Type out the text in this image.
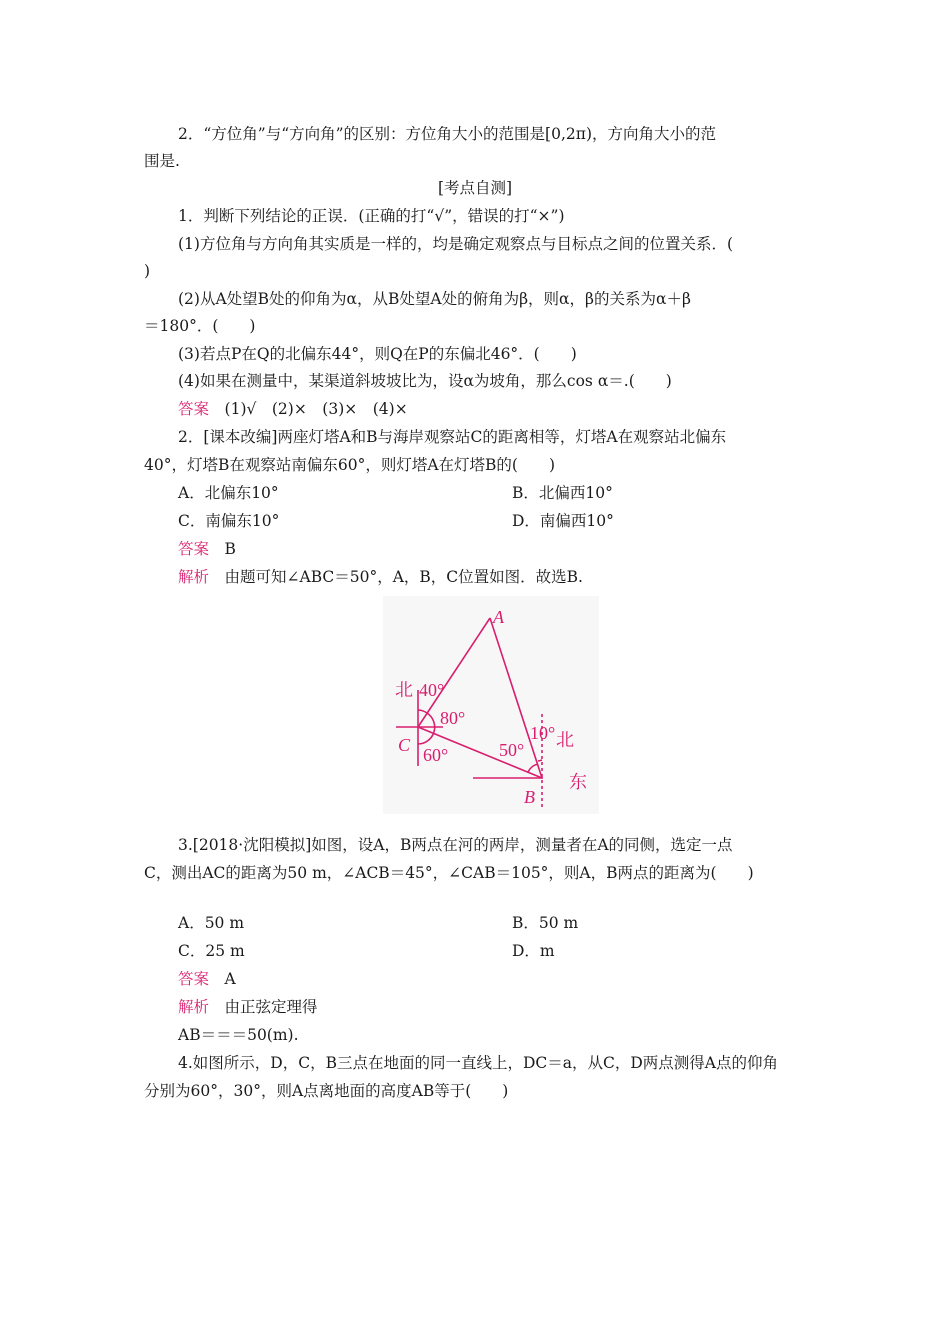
2．“方位角”与“方向角”的区别：方位角大小的范围是[0,2π)，方向角大小的范
围是.
[考点自测]
1．判断下列结论的正误．(正确的打“√”，错误的打“×”)
(1)方位角与方向角其实质是一样的，均是确定观察点与目标点之间的位置关系．(
)
(2)从A处望B处的仰角为α，从B处望A处的俯角为β，则α，β的关系为α＋β
＝180°．(　　)
(3)若点P在Q的北偏东44°，则Q在P的东偏北46°．(　　)
(4)如果在测量中，某渠道斜坡坡比为，设α为坡角，那么cos α＝.(　　)
答案　 (1)√　(2)×　(3)×　(4)×
2．[课本改编]两座灯塔A和B与海岸观察站C的距离相等，灯塔A在观察站北偏东
40°，灯塔B在观察站南偏东60°，则灯塔A在灯塔B的(　　)
A．北偏东10°	B．北偏西10°
C．南偏东10°	D．南偏西10°
答案　 B
解析　 由题可知∠ABC＝50°，A，B，C位置如图．故选B.
A
C
B
北 40°
80°
60°	50°
10° 北
东
3.[2018·沈阳模拟]如图，设A，B两点在河的两岸，测量者在A的同侧，选定一点
C，测出AC的距离为50 m，∠ACB＝45°，∠CAB＝105°，则A，B两点的距离为(　　)
A．50 m	B．50 m
C．25 m	D．m
答案　 A
解析　 由正弦定理得
AB＝＝＝50(m).
4.如图所示，D，C，B三点在地面的同一直线上，DC＝a，从C，D两点测得A点的仰角
分别为60°，30°，则A点离地面的高度AB等于(　　)
